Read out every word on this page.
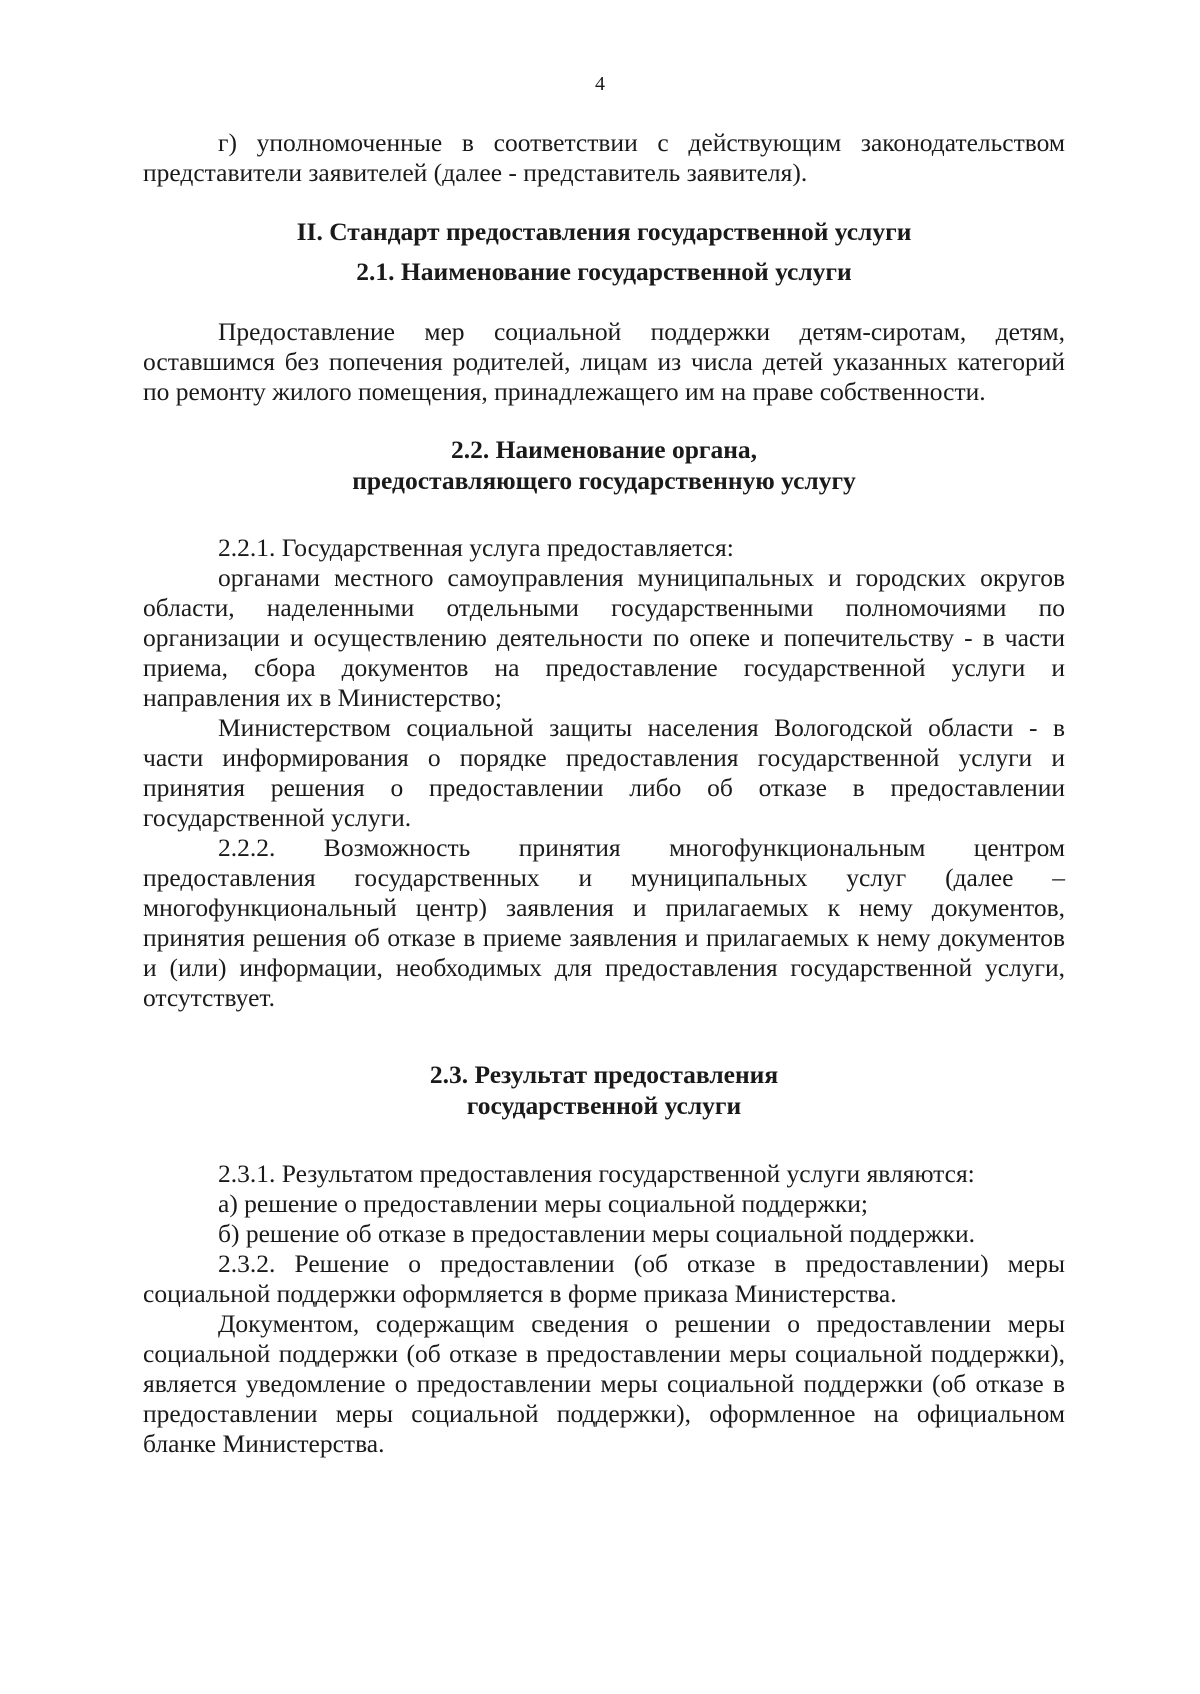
4

г) уполномоченные в соответствии с действующим законодательством представители заявителей (далее - представитель заявителя).

II. Стандарт предоставления государственной услуги
2.1. Наименование государственной услуги

Предоставление мер социальной поддержки детям-сиротам, детям, оставшимся без попечения родителей, лицам из числа детей указанных категорий по ремонту жилого помещения, принадлежащего им на праве собственности.

2.2. Наименование органа,
предоставляющего государственную услугу

2.2.1. Государственная услуга предоставляется:

органами местного самоуправления муниципальных и городских округов области, наделенными отдельными государственными полномочиями по организации и осуществлению деятельности по опеке и попечительству - в части приема, сбора документов на предоставление государственной услуги и направления их в Министерство;

Министерством социальной защиты населения Вологодской области - в части информирования о порядке предоставления государственной услуги и принятия решения о предоставлении либо об отказе в предоставлении государственной услуги.

2.2.2. Возможность принятия многофункциональным центром предоставления государственных и муниципальных услуг (далее – многофункциональный центр) заявления и прилагаемых к нему документов, принятия решения об отказе в приеме заявления и прилагаемых к нему документов и (или) информации, необходимых для предоставления государственной услуги, отсутствует.

2.3. Результат предоставления
государственной услуги

2.3.1. Результатом предоставления государственной услуги являются:

а) решение о предоставлении меры социальной поддержки;

б) решение об отказе в предоставлении меры социальной поддержки.

2.3.2. Решение о предоставлении (об отказе в предоставлении) меры социальной поддержки оформляется в форме приказа Министерства.

Документом, содержащим сведения о решении о предоставлении меры социальной поддержки (об отказе в предоставлении меры социальной поддержки), является уведомление о предоставлении меры социальной поддержки (об отказе в предоставлении меры социальной поддержки), оформленное на официальном бланке Министерства.
